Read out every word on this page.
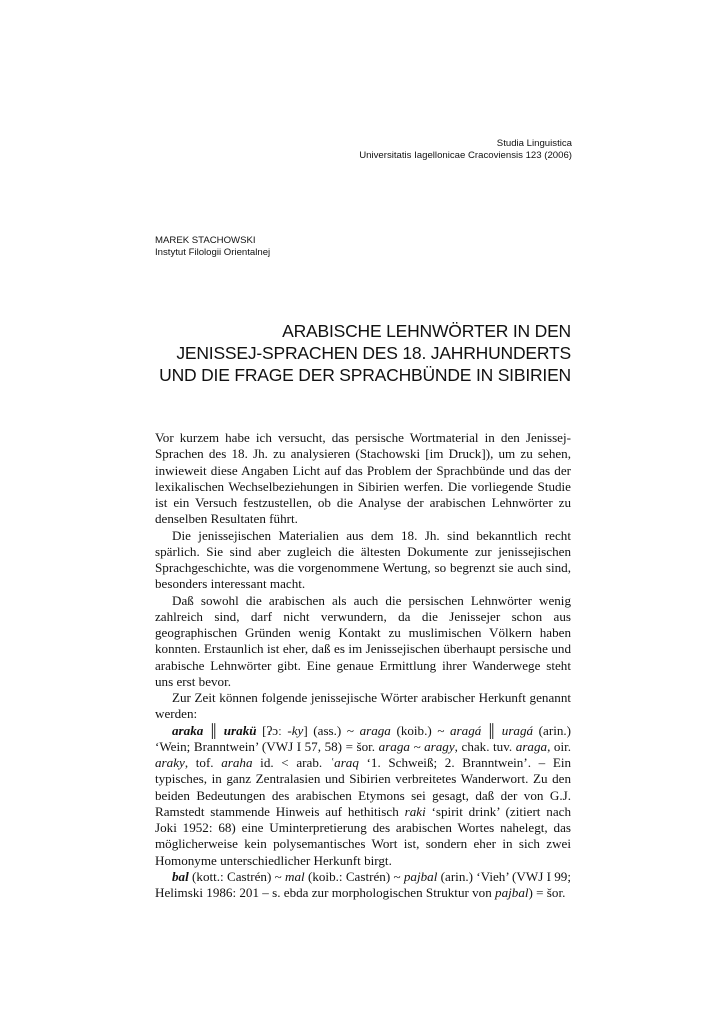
Studia Linguistica
Universitatis Iagellonicae Cracoviensis 123 (2006)
MAREK STACHOWSKI
Instytut Filologii Orientalnej
ARABISCHE LEHNWÖRTER IN DEN
JENISSEJ-SPRACHEN DES 18. JAHRHUNDERTS
UND DIE FRAGE DER SPRACHBÜNDE IN SIBIRIEN

Vor kurzem habe ich versucht, das persische Wortmaterial in den Jenissej-Sprachen des 18. Jh. zu analysieren (Stachowski [im Druck]), um zu sehen, inwieweit diese Angaben Licht auf das Problem der Sprachbünde und das der lexikalischen Wechselbeziehungen in Sibirien werfen. Die vorliegende Studie ist ein Versuch festzustellen, ob die Analyse der arabischen Lehnwörter zu denselben Resultaten führt.

Die jenissejischen Materialien aus dem 18. Jh. sind bekanntlich recht spärlich. Sie sind aber zugleich die ältesten Dokumente zur jenissejischen Sprachgeschichte, was die vorgenommene Wertung, so begrenzt sie auch sind, besonders interessant macht.

Daß sowohl die arabischen als auch die persischen Lehnwörter wenig zahlreich sind, darf nicht verwundern, da die Jenissejer schon aus geographischen Gründen wenig Kontakt zu muslimischen Völkern haben konnten. Erstaunlich ist eher, daß es im Jenissejischen überhaupt persische und arabische Lehnwörter gibt. Eine genaue Ermittlung ihrer Wanderwege steht uns erst bevor.

Zur Zeit können folgende jenissejische Wörter arabischer Herkunft genannt werden:

araka ║ urakü [ʔɔː -ky] (ass.) ~ araga (koib.) ~ aragá ║ uragá (arin.) ‘Wein; Branntwein’ (VWJ I 57, 58) = šor. araga ~ aragy, chak. tuv. araga, oir. araky, tof. araha id. < arab. ʿaraq ‘1. Schweiß; 2. Branntwein’. – Ein typisches, in ganz Zentralasien und Sibirien verbreitetes Wanderwort. Zu den beiden Bedeutungen des arabischen Etymons sei gesagt, daß der von G.J. Ramstedt stammende Hinweis auf hethitisch raki ‘spirit drink’ (zitiert nach Joki 1952: 68) eine Uminterpretierung des arabischen Wortes nahelegt, das möglicherweise kein polysemantisches Wort ist, sondern eher in sich zwei Homonyme unterschiedlicher Herkunft birgt.

bal (kott.: Castrén) ~ mal (koib.: Castrén) ~ pajbal (arin.) ‘Vieh’ (VWJ I 99; Helimski 1986: 201 – s. ebda zur morphologischen Struktur von pajbal) = šor.
